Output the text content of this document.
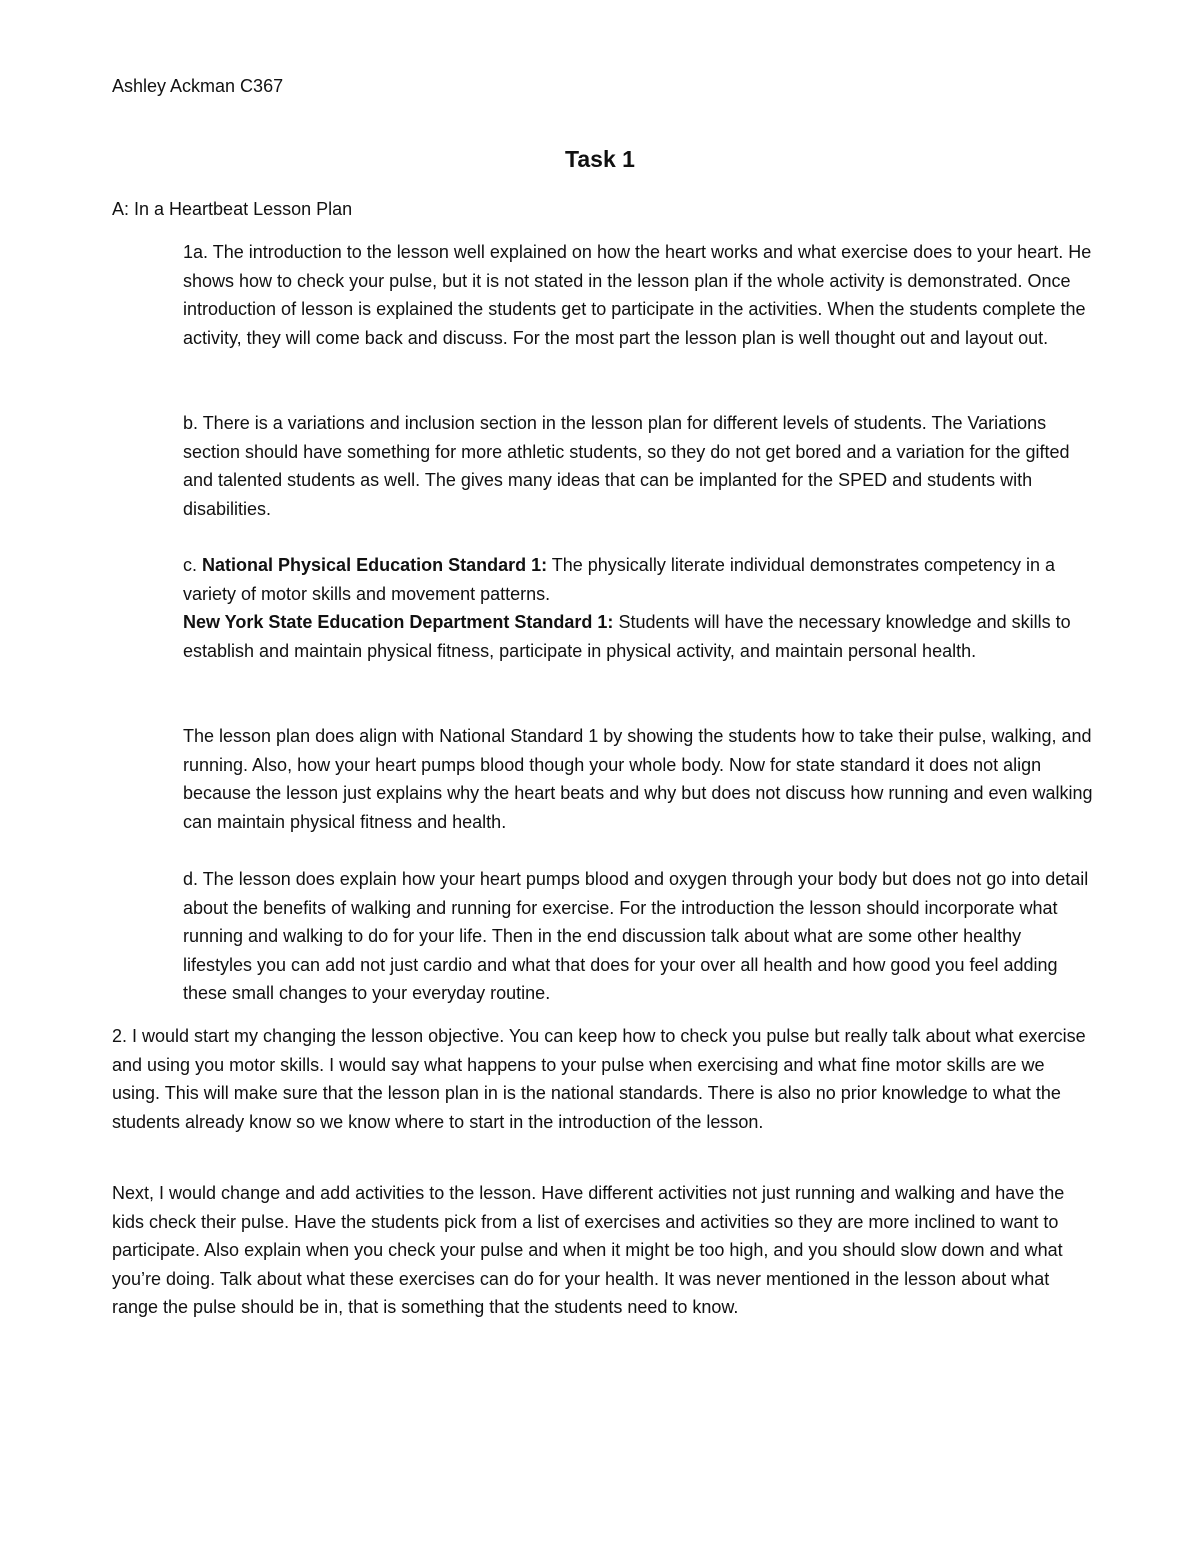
Ashley Ackman C367

Task 1

A: In a Heartbeat Lesson Plan

1a. The introduction to the lesson well explained on how the heart works and what exercise does to your heart. He shows how to check your pulse, but it is not stated in the lesson plan if the whole activity is demonstrated. Once introduction of lesson is explained the students get to participate in the activities. When the students complete the activity, they will come back and discuss. For the most part the lesson plan is well thought out and layout out.

b. There is a variations and inclusion section in the lesson plan for different levels of students. The Variations section should have something for more athletic students, so they do not get bored and a variation for the gifted and talented students as well. The gives many ideas that can be implanted for the SPED and students with disabilities.

c. National Physical Education Standard 1: The physically literate individual demonstrates competency in a variety of motor skills and movement patterns.

New York State Education Department Standard 1: Students will have the necessary knowledge and skills to establish and maintain physical fitness, participate in physical activity, and maintain personal health.

The lesson plan does align with National Standard 1 by showing the students how to take their pulse, walking, and running. Also, how your heart pumps blood though your whole body. Now for state standard it does not align because the lesson just explains why the heart beats and why but does not discuss how running and even walking can maintain physical fitness and health.

d. The lesson does explain how your heart pumps blood and oxygen through your body but does not go into detail about the benefits of walking and running for exercise. For the introduction the lesson should incorporate what running and walking to do for your life. Then in the end discussion talk about what are some other healthy lifestyles you can add not just cardio and what that does for your over all health and how good you feel adding these small changes to your everyday routine.

2. I would start my changing the lesson objective. You can keep how to check you pulse but really talk about what exercise and using you motor skills. I would say what happens to your pulse when exercising and what fine motor skills are we using. This will make sure that the lesson plan in is the national standards. There is also no prior knowledge to what the students already know so we know where to start in the introduction of the lesson.

Next, I would change and add activities to the lesson. Have different activities not just running and walking and have the kids check their pulse. Have the students pick from a list of exercises and activities so they are more inclined to want to participate. Also explain when you check your pulse and when it might be too high, and you should slow down and what you’re doing. Talk about what these exercises can do for your health. It was never mentioned in the lesson about what range the pulse should be in, that is something that the students need to know.
